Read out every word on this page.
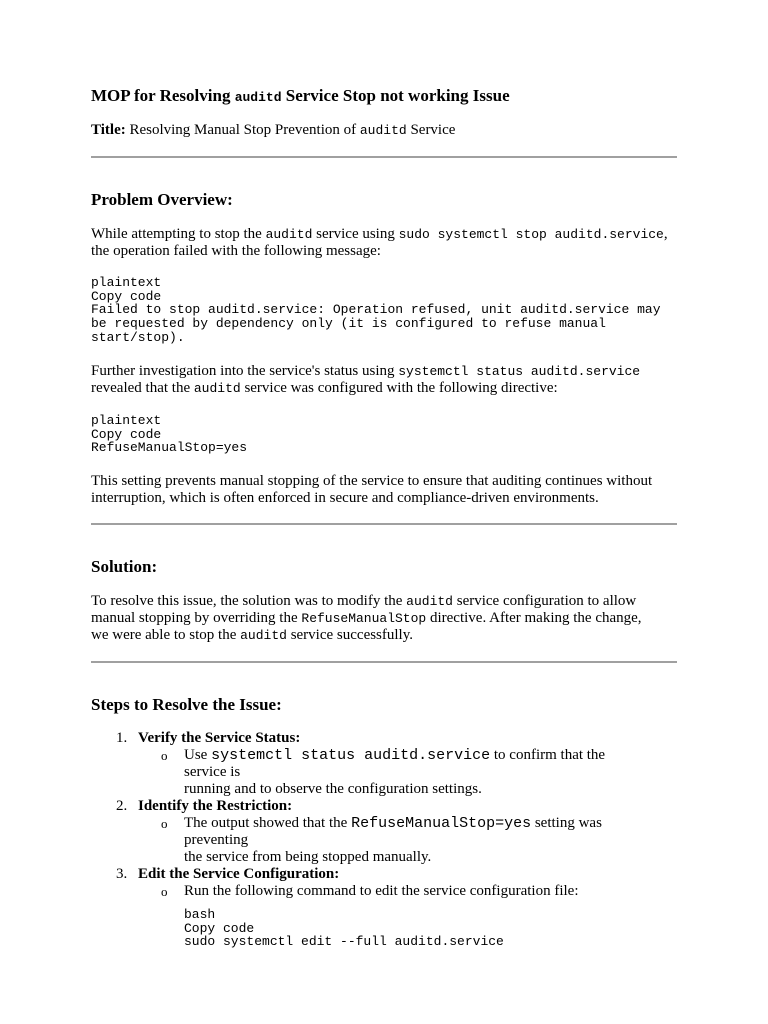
MOP for Resolving auditd Service Stop not working Issue
Title: Resolving Manual Stop Prevention of auditd Service
Problem Overview:

While attempting to stop the auditd service using sudo systemctl stop auditd.service,
the operation failed with the following message:

plaintext
Copy code
Failed to stop auditd.service: Operation refused, unit auditd.service may
be requested by dependency only (it is configured to refuse manual
start/stop).

Further investigation into the service's status using systemctl status auditd.service
revealed that the auditd service was configured with the following directive:

plaintext
Copy code
RefuseManualStop=yes

This setting prevents manual stopping of the service to ensure that auditing continues without
interruption, which is often enforced in secure and compliance-driven environments.

Solution:

To resolve this issue, the solution was to modify the auditd service configuration to allow
manual stopping by overriding the RefuseManualStop directive. After making the change,
we were able to stop the auditd service successfully.

Steps to Resolve the Issue:
1. Verify the Service Status:
o Use systemctl status auditd.service to confirm that the service is
running and to observe the configuration settings.
2. Identify the Restriction:
o The output showed that the RefuseManualStop=yes setting was preventing
the service from being stopped manually.
3. Edit the Service Configuration:
o Run the following command to edit the service configuration file:
bash
Copy code
sudo systemctl edit --full auditd.service
